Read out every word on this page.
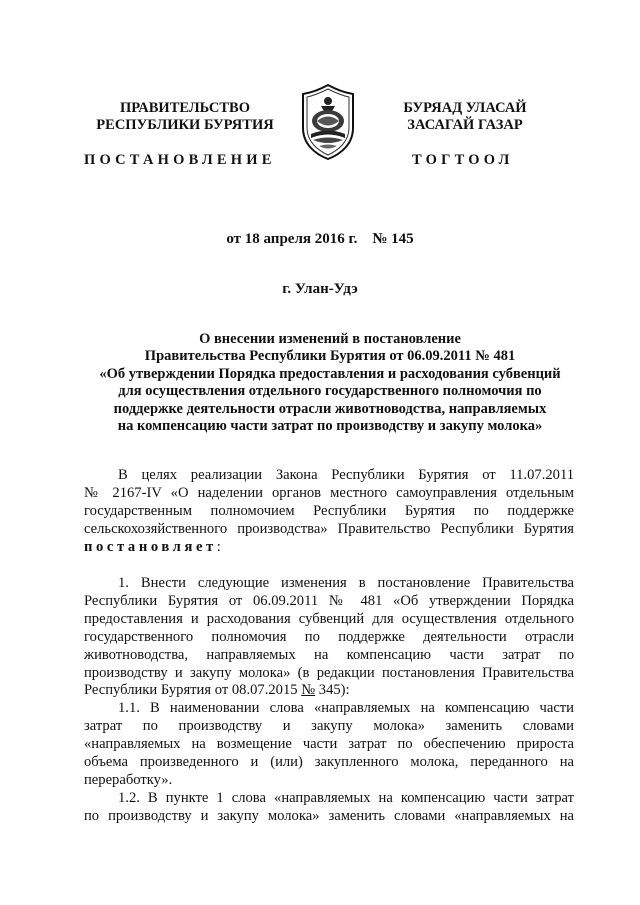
ПРАВИТЕЛЬСТВО
РЕСПУБЛИКИ БУРЯТИЯ
БУРЯАД УЛАСАЙ
ЗАСАГАЙ ГАЗАР
ПОСТАНОВЛЕНИЕ	ТОГТООЛ
от 18 апреля 2016 г.    № 145
г. Улан-Удэ
О внесении изменений в постановление
Правительства Республики Бурятия от 06.09.2011 № 481
«Об утверждении Порядка предоставления и расходования субвенций
для осуществления отдельного государственного полномочия по
поддержке деятельности отрасли животноводства, направляемых
на компенсацию части затрат по производству и закупу молока»
В целях реализации Закона Республики Бурятия от 11.07.2011
№ 2167-IV «О наделении органов местного самоуправления отдельным
государственным полномочием Республики Бурятия по поддержке
сельскохозяйственного производства» Правительство Республики Бурятия
постановляет:
1. Внести следующие изменения в постановление Правительства
Республики Бурятия от 06.09.2011 № 481 «Об утверждении Порядка
предоставления и расходования субвенций для осуществления отдельного
государственного полномочия по поддержке деятельности отрасли
животноводства, направляемых на компенсацию части затрат по
производству и закупу молока» (в редакции постановления Правительства
Республики Бурятия от 08.07.2015 № 345):
1.1. В наименовании слова «направляемых на компенсацию части
затрат по производству и закупу молока» заменить словами
«направляемых на возмещение части затрат по обеспечению прироста
объема произведенного и (или) закупленного молока, переданного на
переработку».
1.2. В пункте 1 слова «направляемых на компенсацию части затрат
по производству и закупу молока» заменить словами «направляемых на
